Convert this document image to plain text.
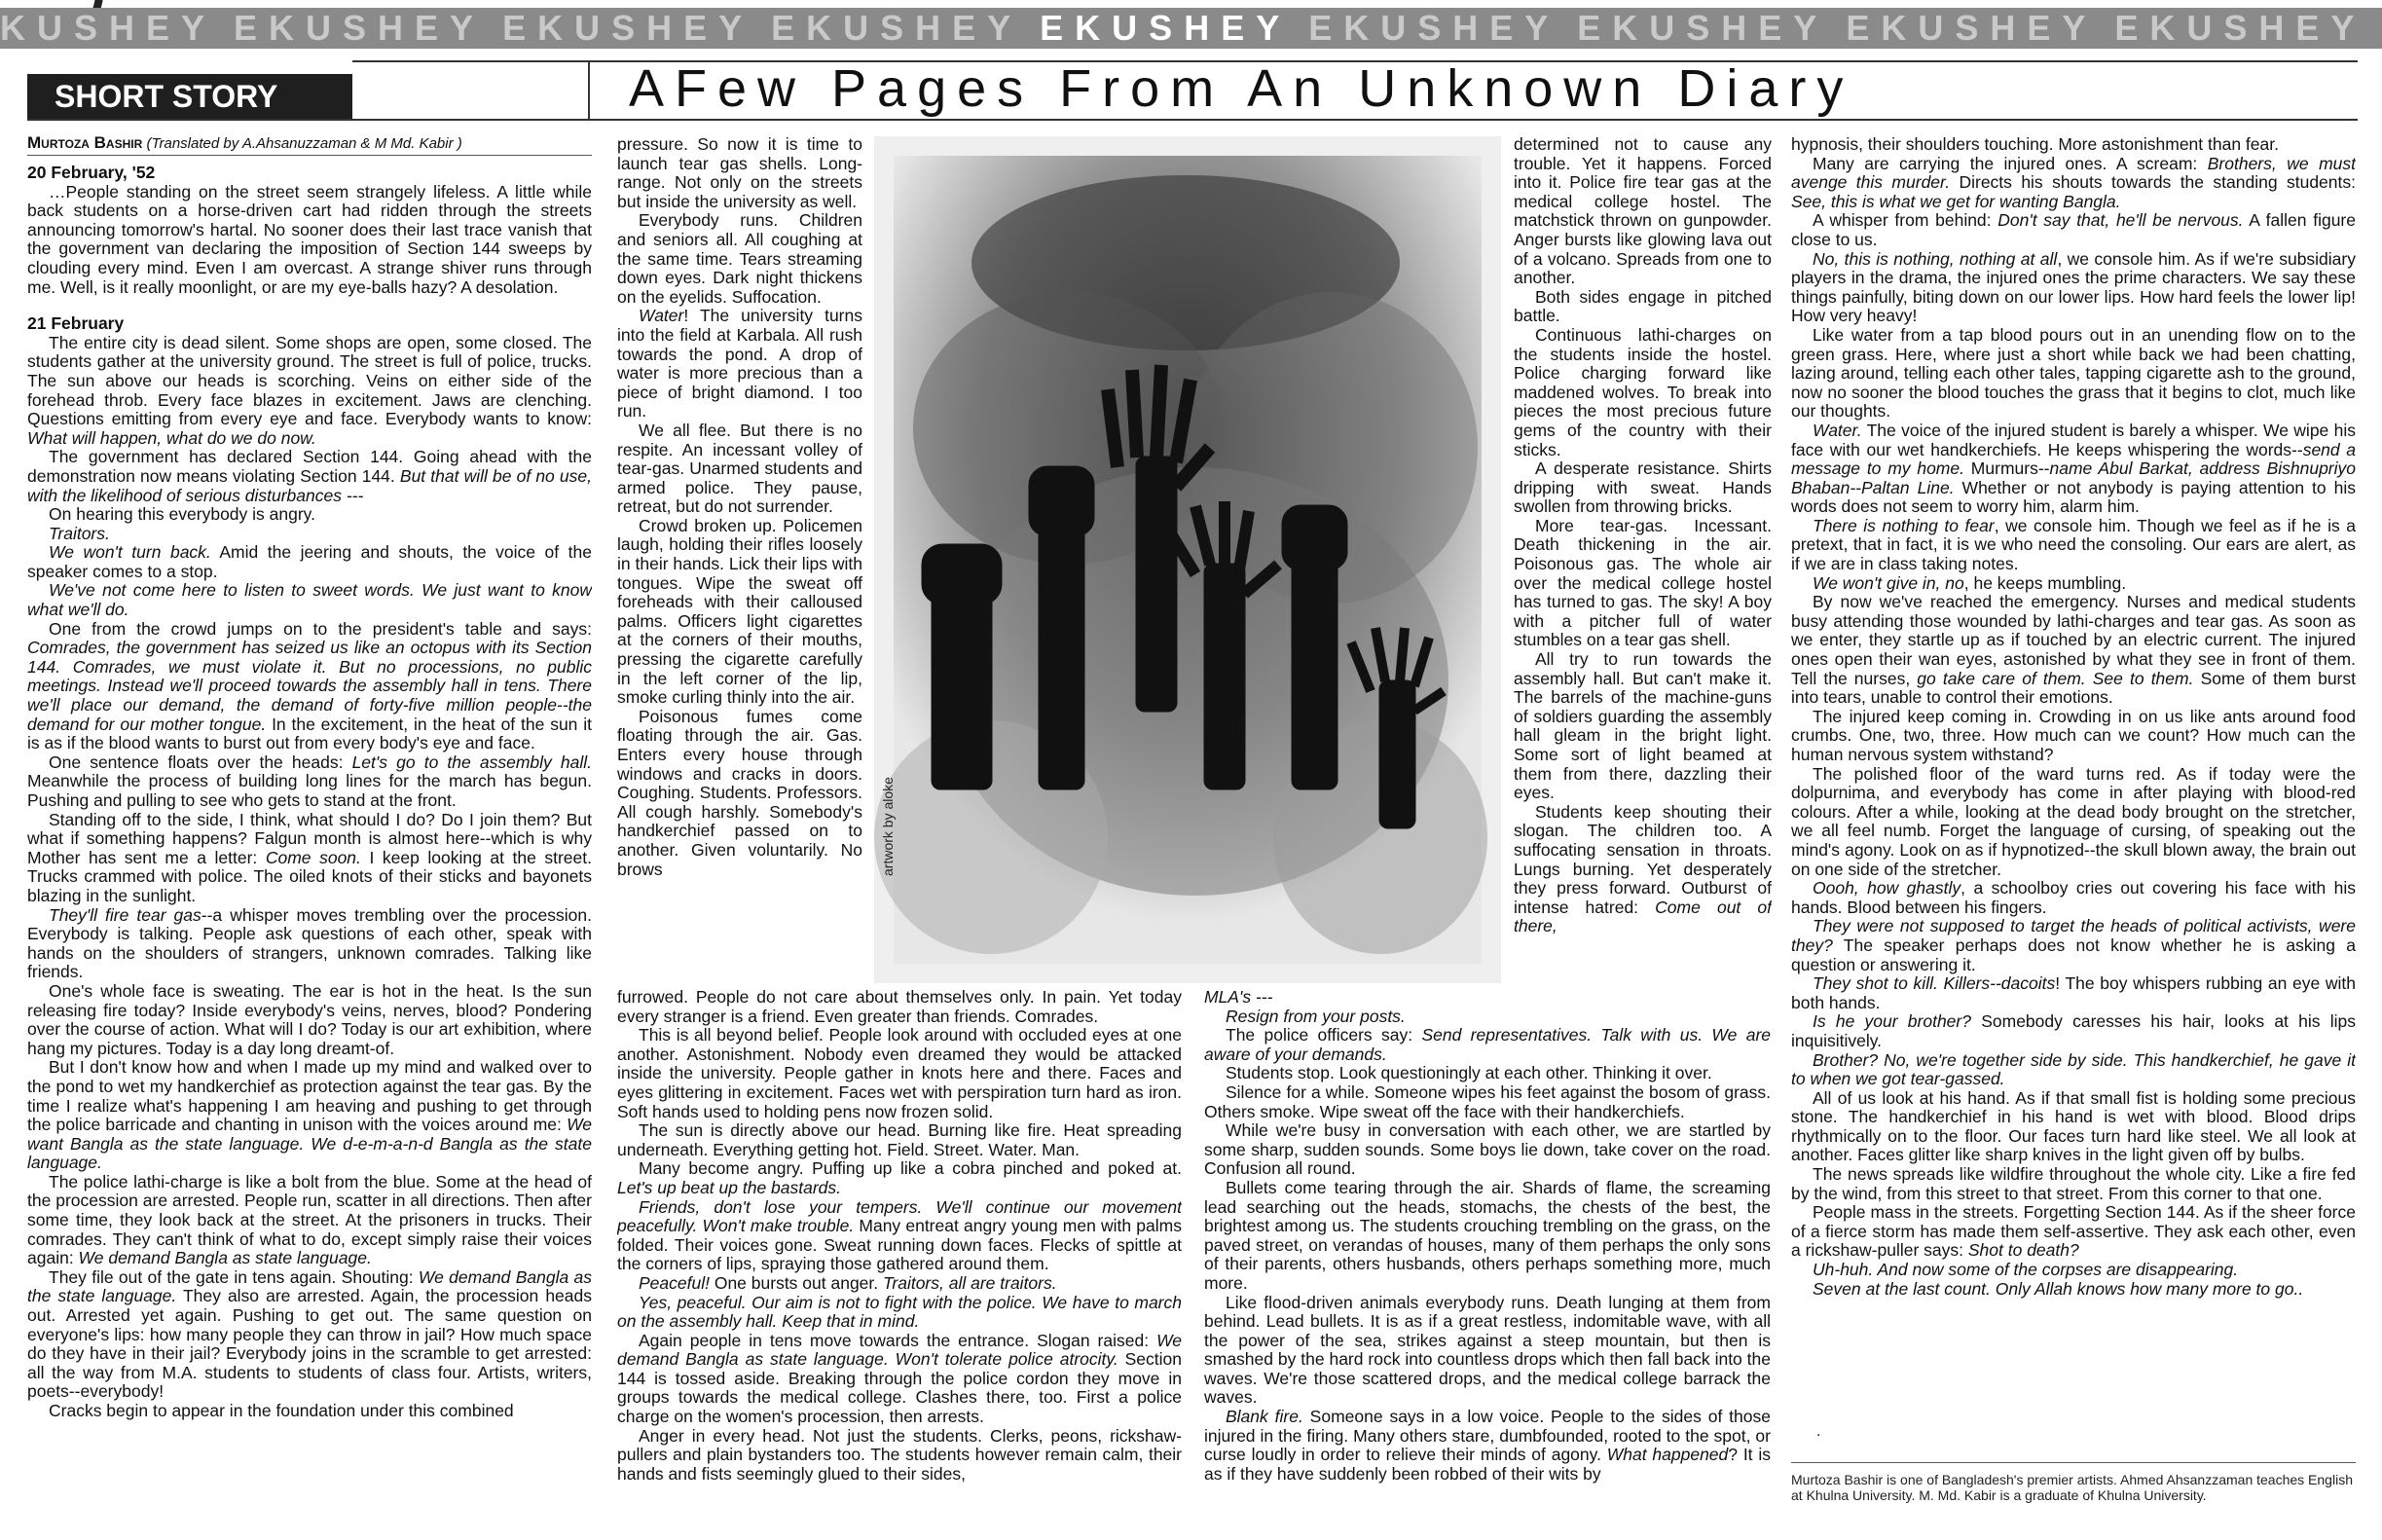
KUSHEY EKUSHEY EKUSHEY EKUSHEY EKUSHEY EKUSHEY EKUSHEY EKUSHEY EKUSHEY
SHORT STORY	AFew Pages From An Unknown Diary
Murtoza Bashir (Translated by A.Ahsanuzzaman & M Md. Kabir )

20 February, '52

…People standing on the street seem strangely lifeless. A little while back students on a horse-driven cart had ridden through the streets announcing tomorrow's hartal. No sooner does their last trace vanish that the government van declaring the imposition of Section 144 sweeps by clouding every mind. Even I am overcast. A strange shiver runs through me. Well, is it really moonlight, or are my eye-balls hazy? A desolation.

21 February

The entire city is dead silent. Some shops are open, some closed. The students gather at the university ground. The street is full of police, trucks. The sun above our heads is scorching. Veins on either side of the forehead throb. Every face blazes in excitement. Jaws are clenching. Questions emitting from every eye and face. Everybody wants to know: What will happen, what do we do now.

The government has declared Section 144. Going ahead with the demonstration now means violating Section 144. But that will be of no use, with the likelihood of serious disturbances ---

On hearing this everybody is angry.

Traitors.

We won't turn back. Amid the jeering and shouts, the voice of the speaker comes to a stop.

We've not come here to listen to sweet words. We just want to know what we'll do.

One from the crowd jumps on to the president's table and says: Comrades, the government has seized us like an octopus with its Section 144. Comrades, we must violate it. But no processions, no public meetings. Instead we'll proceed towards the assembly hall in tens. There we'll place our demand, the demand of forty-five million people--the demand for our mother tongue. In the excitement, in the heat of the sun it is as if the blood wants to burst out from every body's eye and face.

One sentence floats over the heads: Let's go to the assembly hall. Meanwhile the process of building long lines for the march has begun. Pushing and pulling to see who gets to stand at the front.

Standing off to the side, I think, what should I do? Do I join them? But what if something happens? Falgun month is almost here--which is why Mother has sent me a letter: Come soon. I keep looking at the street. Trucks crammed with police. The oiled knots of their sticks and bayonets blazing in the sunlight.

They'll fire tear gas--a whisper moves trembling over the procession. Everybody is talking. People ask questions of each other, speak with hands on the shoulders of strangers, unknown comrades. Talking like friends.

One's whole face is sweating. The ear is hot in the heat. Is the sun releasing fire today? Inside everybody's veins, nerves, blood? Pondering over the course of action. What will I do? Today is our art exhibition, where hang my pictures. Today is a day long dreamt-of.

But I don't know how and when I made up my mind and walked over to the pond to wet my handkerchief as protection against the tear gas. By the time I realize what's happening I am heaving and pushing to get through the police barricade and chanting in unison with the voices around me: We want Bangla as the state language. We d-e-m-a-n-d Bangla as the state language.

The police lathi-charge is like a bolt from the blue. Some at the head of the procession are arrested. People run, scatter in all directions. Then after some time, they look back at the street. At the prisoners in trucks. Their comrades. They can't think of what to do, except simply raise their voices again: We demand Bangla as state language.

They file out of the gate in tens again. Shouting: We demand Bangla as the state language. They also are arrested. Again, the procession heads out. Arrested yet again. Pushing to get out. The same question on everyone's lips: how many people they can throw in jail? How much space do they have in their jail? Everybody joins in the scramble to get arrested: all the way from M.A. students to students of class four. Artists, writers, poets--everybody!

Cracks begin to appear in the foundation under this combined

pressure. So now it is time to launch tear gas shells. Long-range. Not only on the streets but inside the university as well.

Everybody runs. Children and seniors all. All coughing at the same time. Tears streaming down eyes. Dark night thickens on the eyelids. Suffocation.

Water! The university turns into the field at Karbala. All rush towards the pond. A drop of water is more precious than a piece of bright diamond. I too run.

We all flee. But there is no respite. An incessant volley of tear-gas. Unarmed students and armed police. They pause, retreat, but do not surrender.

Crowd broken up. Policemen laugh, holding their rifles loosely in their hands. Lick their lips with tongues. Wipe the sweat off foreheads with their calloused palms. Officers light cigarettes at the corners of their mouths, pressing the cigarette carefully in the left corner of the lip, smoke curling thinly into the air.

Poisonous fumes come floating through the air. Gas. Enters every house through windows and cracks in doors. Coughing. Students. Professors. All cough harshly. Somebody's handkerchief passed on to another. Given voluntarily. No brows

furrowed. People do not care about themselves only. In pain. Yet today every stranger is a friend. Even greater than friends. Comrades.

This is all beyond belief. People look around with occluded eyes at one another. Astonishment. Nobody even dreamed they would be attacked inside the university. People gather in knots here and there. Faces and eyes glittering in excitement. Faces wet with perspiration turn hard as iron. Soft hands used to holding pens now frozen solid.

The sun is directly above our head. Burning like fire. Heat spreading underneath. Everything getting hot. Field. Street. Water. Man.

Many become angry. Puffing up like a cobra pinched and poked at. Let's up beat up the bastards.

Friends, don't lose your tempers. We'll continue our movement peacefully. Won't make trouble. Many entreat angry young men with palms folded. Their voices gone. Sweat running down faces. Flecks of spittle at the corners of lips, spraying those gathered around them.

Peaceful! One bursts out anger. Traitors, all are traitors.

Yes, peaceful. Our aim is not to fight with the police. We have to march on the assembly hall. Keep that in mind.

Again people in tens move towards the entrance. Slogan raised: We demand Bangla as state language. Won't tolerate police atrocity. Section 144 is tossed aside. Breaking through the police cordon they move in groups towards the medical college. Clashes there, too. First a police charge on the women's procession, then arrests.

Anger in every head. Not just the students. Clerks, peons, rickshaw-pullers and plain bystanders too. The students however remain calm, their hands and fists seemingly glued to their sides,

determined not to cause any trouble. Yet it happens. Forced into it. Police fire tear gas at the medical college hostel. The matchstick thrown on gunpowder. Anger bursts like glowing lava out of a volcano. Spreads from one to another.

Both sides engage in pitched battle.

Continuous lathi-charges on the students inside the hostel. Police charging forward like maddened wolves. To break into pieces the most precious future gems of the country with their sticks.

A desperate resistance. Shirts dripping with sweat. Hands swollen from throwing bricks.

More tear-gas. Incessant. Death thickening in the air. Poisonous gas. The whole air over the medical college hostel has turned to gas. The sky! A boy with a pitcher full of water stumbles on a tear gas shell.

All try to run towards the assembly hall. But can't make it. The barrels of the machine-guns of soldiers guarding the assembly hall gleam in the bright light. Some sort of light beamed at them from there, dazzling their eyes.

Students keep shouting their slogan. The children too. A suffocating sensation in throats. Lungs burning. Yet desperately they press forward. Outburst of intense hatred: Come out of there,

MLA's ---

Resign from your posts.

The police officers say: Send representatives. Talk with us. We are aware of your demands.

Students stop. Look questioningly at each other. Thinking it over.

Silence for a while. Someone wipes his feet against the bosom of grass. Others smoke. Wipe sweat off the face with their handkerchiefs.

While we're busy in conversation with each other, we are startled by some sharp, sudden sounds. Some boys lie down, take cover on the road. Confusion all round.

Bullets come tearing through the air. Shards of flame, the screaming lead searching out the heads, stomachs, the chests of the best, the brightest among us. The students crouching trembling on the grass, on the paved street, on verandas of houses, many of them perhaps the only sons of their parents, others husbands, others perhaps something more, much more.

Like flood-driven animals everybody runs. Death lunging at them from behind. Lead bullets. It is as if a great restless, indomitable wave, with all the power of the sea, strikes against a steep mountain, but then is smashed by the hard rock into countless drops which then fall back into the waves. We're those scattered drops, and the medical college barrack the waves.

Blank fire. Someone says in a low voice. People to the sides of those injured in the firing. Many others stare, dumbfounded, rooted to the spot, or curse loudly in order to relieve their minds of agony. What happened? It is as if they have suddenly been robbed of their wits by

hypnosis, their shoulders touching. More astonishment than fear.

Many are carrying the injured ones. A scream: Brothers, we must avenge this murder. Directs his shouts towards the standing students: See, this is what we get for wanting Bangla.

A whisper from behind: Don't say that, he'll be nervous. A fallen figure close to us.

No, this is nothing, nothing at all, we console him. As if we're subsidiary players in the drama, the injured ones the prime characters. We say these things painfully, biting down on our lower lips. How hard feels the lower lip! How very heavy!

Like water from a tap blood pours out in an unending flow on to the green grass. Here, where just a short while back we had been chatting, lazing around, telling each other tales, tapping cigarette ash to the ground, now no sooner the blood touches the grass that it begins to clot, much like our thoughts.

Water. The voice of the injured student is barely a whisper. We wipe his face with our wet handkerchiefs. He keeps whispering the words--send a message to my home. Murmurs--name Abul Barkat, address Bishnupriyo Bhaban--Paltan Line. Whether or not anybody is paying attention to his words does not seem to worry him, alarm him.

There is nothing to fear, we console him. Though we feel as if he is a pretext, that in fact, it is we who need the consoling. Our ears are alert, as if we are in class taking notes.

We won't give in, no, he keeps mumbling.

By now we've reached the emergency. Nurses and medical students busy attending those wounded by lathi-charges and tear gas. As soon as we enter, they startle up as if touched by an electric current. The injured ones open their wan eyes, astonished by what they see in front of them. Tell the nurses, go take care of them. See to them. Some of them burst into tears, unable to control their emotions.

The injured keep coming in. Crowding in on us like ants around food crumbs. One, two, three. How much can we count? How much can the human nervous system withstand?

The polished floor of the ward turns red. As if today were the dolpurnima, and everybody has come in after playing with blood-red colours. After a while, looking at the dead body brought on the stretcher, we all feel numb. Forget the language of cursing, of speaking out the mind's agony. Look on as if hypnotized--the skull blown away, the brain out on one side of the stretcher.

Oooh, how ghastly, a schoolboy cries out covering his face with his hands. Blood between his fingers.

They were not supposed to target the heads of political activists, were they? The speaker perhaps does not know whether he is asking a question or answering it.

They shot to kill. Killers--dacoits! The boy whispers rubbing an eye with both hands.

Is he your brother? Somebody caresses his hair, looks at his lips inquisitively.

Brother? No, we're together side by side. This handkerchief, he gave it to when we got tear-gassed.

All of us look at his hand. As if that small fist is holding some precious stone. The handkerchief in his hand is wet with blood. Blood drips rhythmically on to the floor. Our faces turn hard like steel. We all look at another. Faces glitter like sharp knives in the light given off by bulbs.

The news spreads like wildfire throughout the whole city. Like a fire fed by the wind, from this street to that street. From this corner to that one.

People mass in the streets. Forgetting Section 144. As if the sheer force of a fierce storm has made them self-assertive. They ask each other, even a rickshaw-puller says: Shot to death?

Uh-huh. And now some of the corpses are disappearing.

Seven at the last count. Only Allah knows how many more to go..

artwork by aloke
.
Murtoza Bashir is one of Bangladesh's premier artists. Ahmed Ahsanzzaman teaches English at Khulna University. M. Md. Kabir is a graduate of Khulna University.
